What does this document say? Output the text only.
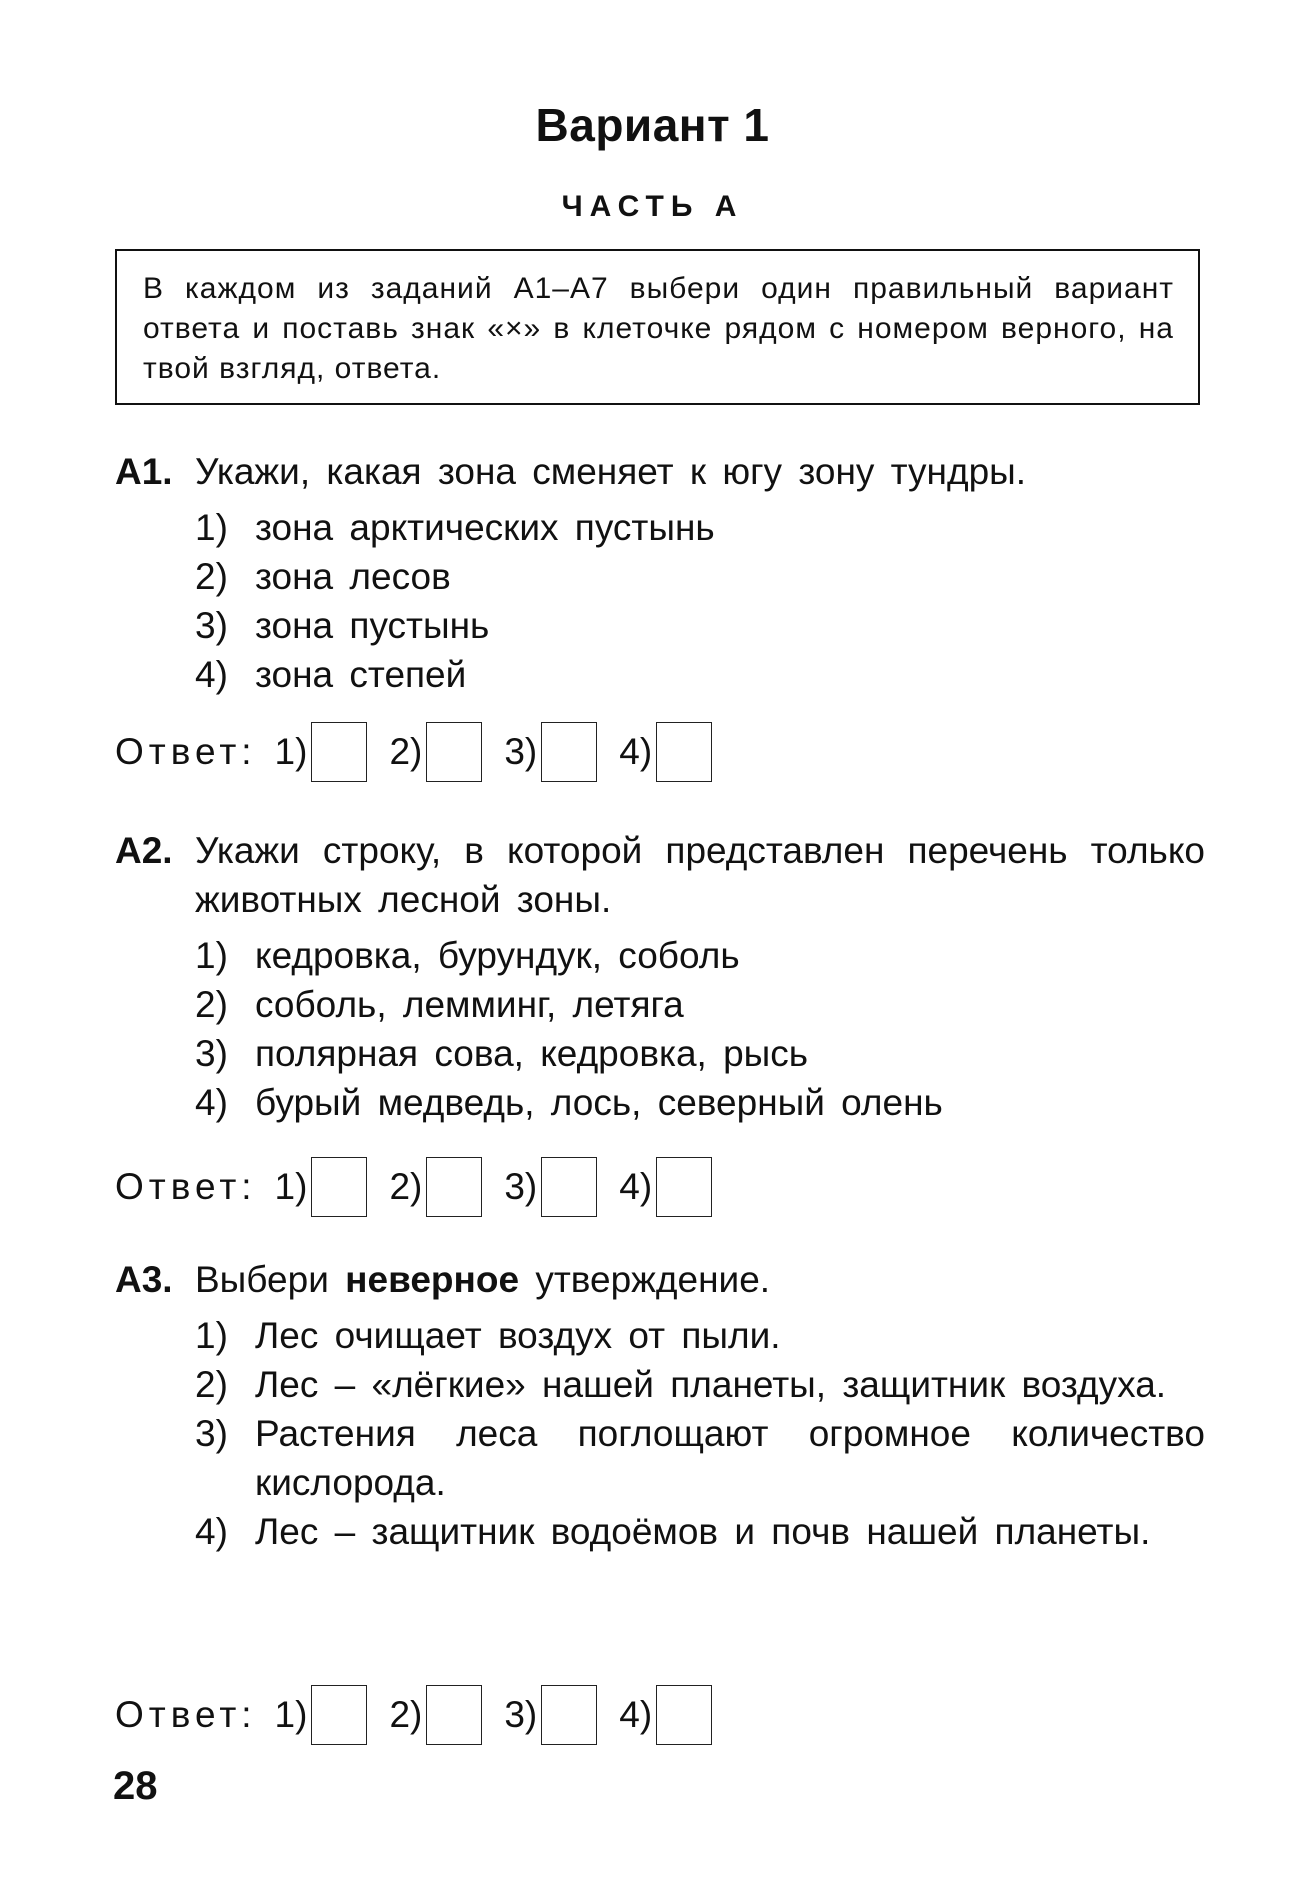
Вариант 1
ЧАСТЬ А
В каждом из заданий А1–А7 выбери один правильный вариант ответа и поставь знак «×» в клеточке рядом с номером верного, на твой взгляд, ответа.
А1. Укажи, какая зона сменяет к югу зону тундры.
1) зона арктических пустынь
2) зона лесов
3) зона пустынь
4) зона степей
Ответ: 1) 2) 3) 4)
А2. Укажи строку, в которой представлен перечень только животных лесной зоны.
1) кедровка, бурундук, соболь
2) соболь, лемминг, летяга
3) полярная сова, кедровка, рысь
4) бурый медведь, лось, северный олень
Ответ: 1) 2) 3) 4)
А3. Выбери неверное утверждение.
1) Лес очищает воздух от пыли.
2) Лес – «лёгкие» нашей планеты, защитник воздуха.
3) Растения леса поглощают огромное количество кислорода.
4) Лес – защитник водоёмов и почв нашей планеты.
Ответ: 1) 2) 3) 4)
28
